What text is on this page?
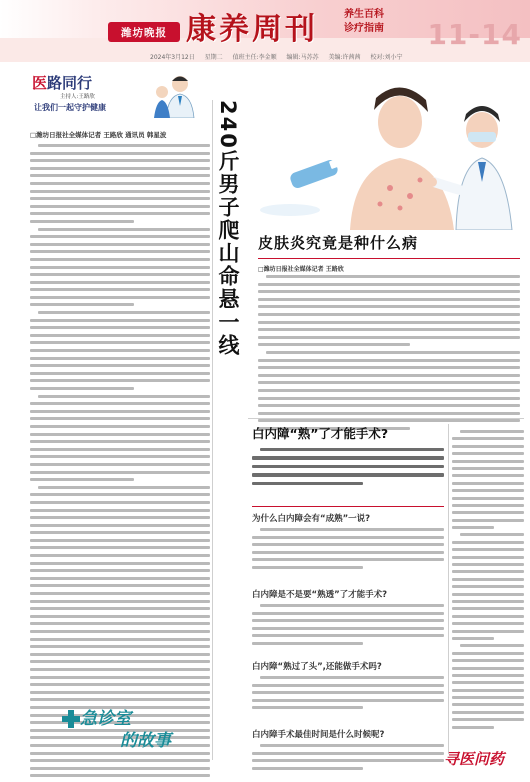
潍坊晚报 康养周刊	养生百科
诊疗指南	11-14
2024年3月12日 星期二 值班主任:李金顺 编辑:马苏苏 美编:许茜茜 校对:刘小宁
医路同行
主持人:王路欣
让我们一起守护健康
□潍坊日报社全媒体记者 王路欣 通讯员 韩星波
急诊室
的故事
240斤男子爬山命悬一线 皮肤炎究竟是种什么病
□潍坊日报社全媒体记者 王路欣
白内障“熟”了才能手术?
为什么白内障会有“成熟”一说?
白内障是不是要“熟透”了才能手术?
白内障“熟过了头”,还能做手术吗?
白内障手术最佳时间是什么时候呢?
寻医问药
